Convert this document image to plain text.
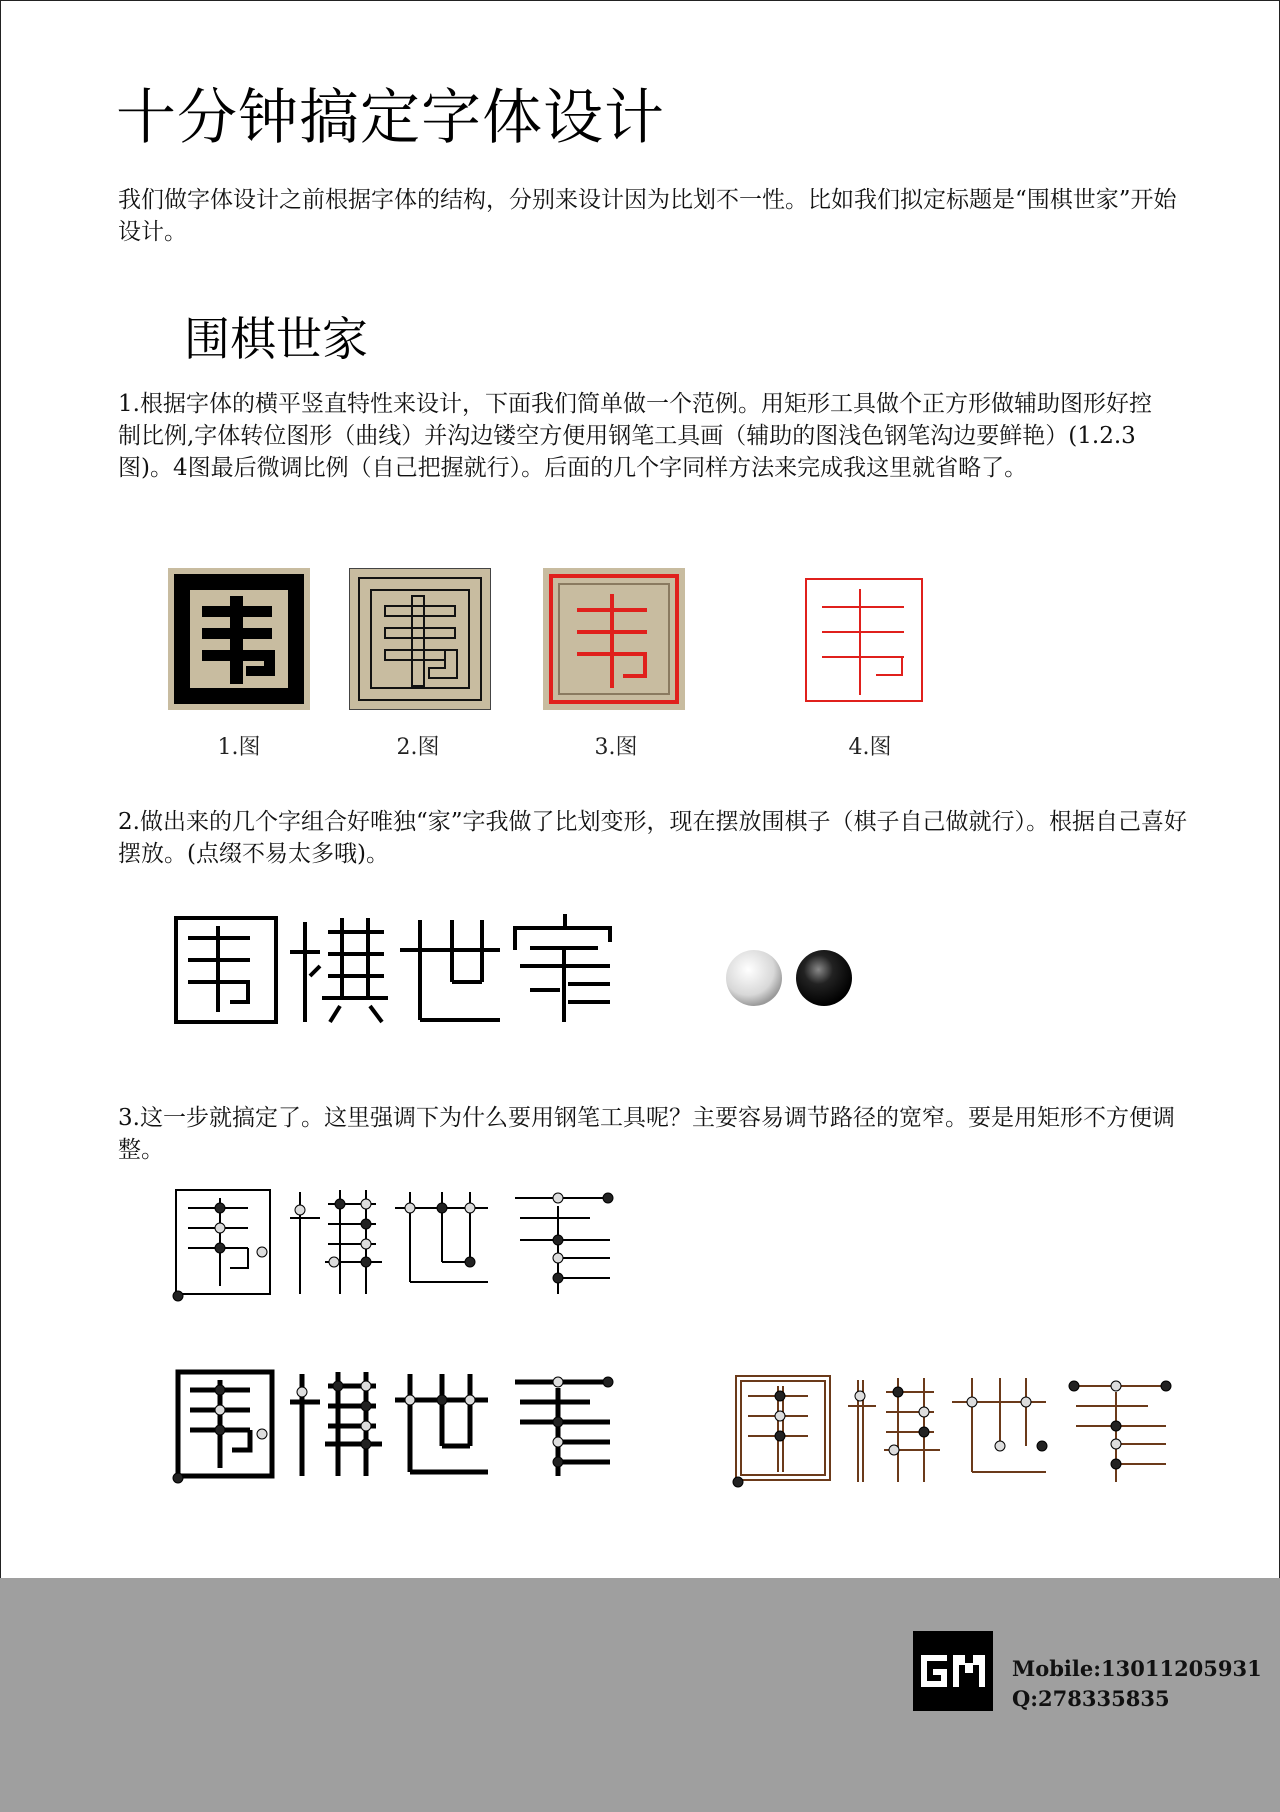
十分钟搞定字体设计

我们做字体设计之前根据字体的结构，分别来设计因为比划不一性。比如我们拟定标题是“围棋世家”开始设计。

围棋世家

1.根据字体的横平竖直特性来设计，下面我们简单做一个范例。用矩形工具做个正方形做辅助图形好控制比例,字体转位图形（曲线）并沟边镂空方便用钢笔工具画（辅助的图浅色钢笔沟边要鲜艳）(1.2.3图)。4图最后微调比例（自己把握就行）。后面的几个字同样方法来完成我这里就省略了。

1.图	2.图	3.图	4.图

2.做出来的几个字组合好唯独“家”字我做了比划变形，现在摆放围棋子（棋子自己做就行）。根据自己喜好摆放。(点缀不易太多哦)。

3.这一步就搞定了。这里强调下为什么要用钢笔工具呢？主要容易调节路径的宽窄。要是用矩形不方便调整。

Mobile:13011205931
Q:278335835
